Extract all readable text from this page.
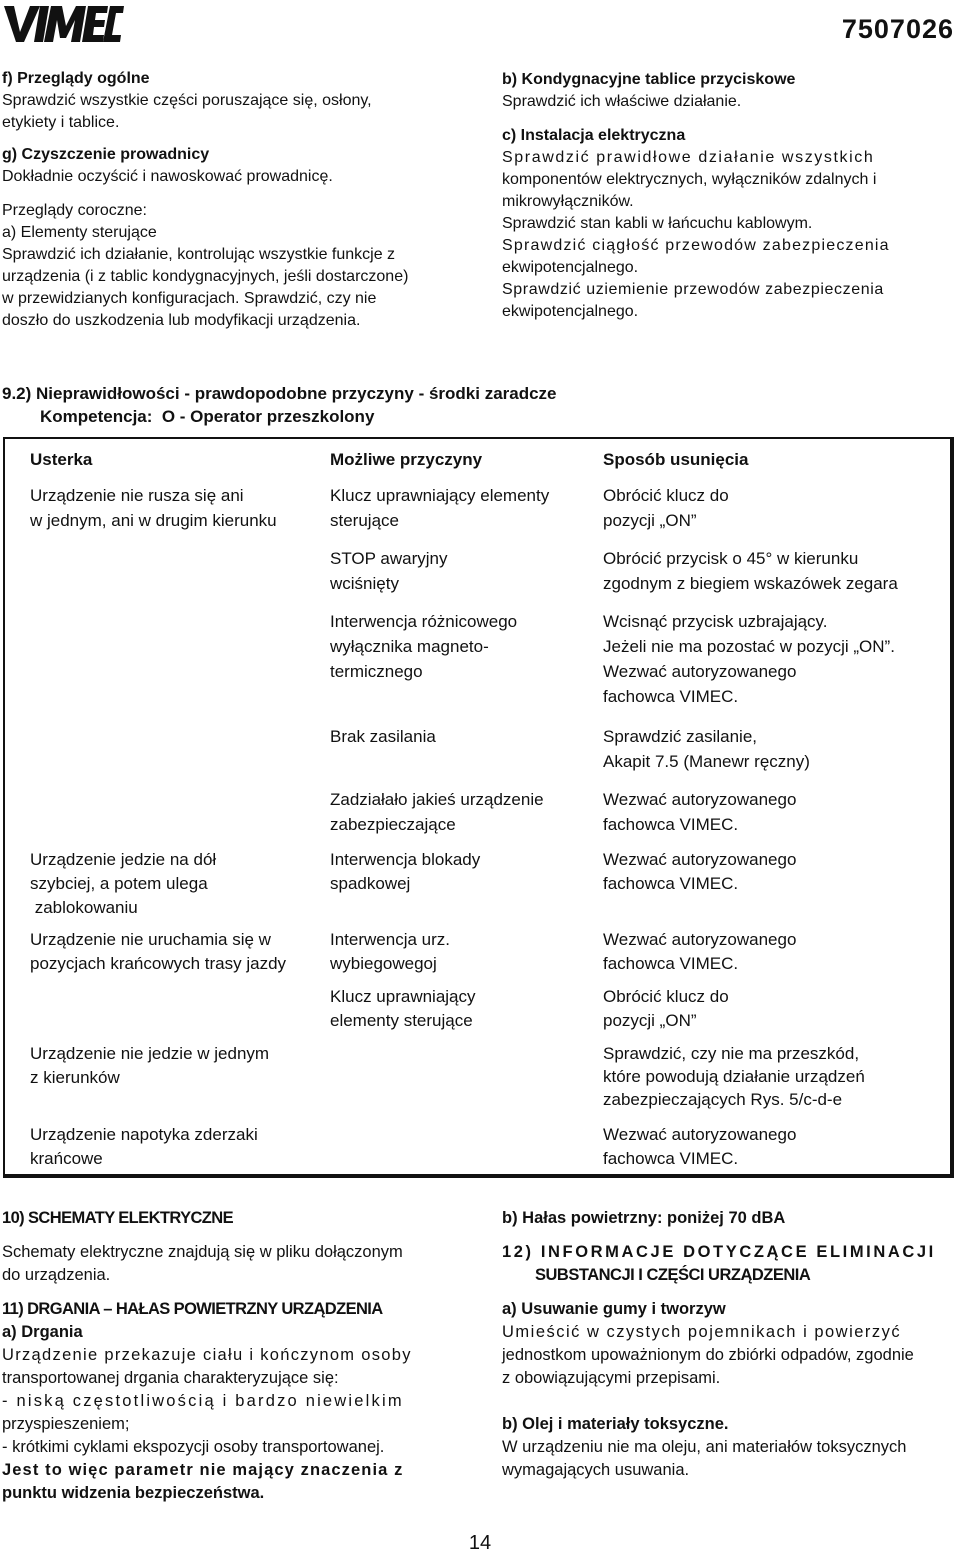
7507026

f) Przeglądy ogólne

Sprawdzić wszystkie części poruszające się, osłony,

etykiety i tablice.

g) Czyszczenie prowadnicy

Dokładnie oczyścić i nawoskować prowadnicę.

Przeglądy coroczne:

a) Elementy sterujące

Sprawdzić ich działanie, kontrolując wszystkie funkcje z

urządzenia (i z tablic kondygnacyjnych, jeśli dostarczone)

w przewidzianych konfiguracjach. Sprawdzić, czy nie

doszło do uszkodzenia lub modyfikacji urządzenia.

b) Kondygnacyjne tablice przyciskowe

Sprawdzić ich właściwe działanie.

c) Instalacja elektryczna

Sprawdzić prawidłowe działanie wszystkich

komponentów elektrycznych, wyłączników zdalnych i

mikrowyłączników.

Sprawdzić stan kabli w łańcuchu kablowym.

Sprawdzić ciągłość przewodów zabezpieczenia

ekwipotencjalnego.

Sprawdzić uziemienie przewodów zabezpieczenia

ekwipotencjalnego.

9.2) Nieprawidłowości - prawdopodobne przyczyny - środki zaradcze
Kompetencja:  O - Operator przeszkolony
Usterka	Możliwe przyczyny	Sposób usunięcia
Urządzenie nie rusza się ani
w jednym, ani w drugim kierunku
Urządzenie jedzie na dół
szybciej, a potem ulega
zablokowaniu
Urządzenie nie uruchamia się w
pozycjach krańcowych trasy jazdy
Urządzenie nie jedzie w jednym
z kierunków
Urządzenie napotyka zderzaki
krańcowe
Klucz uprawniający elementy
sterujące
STOP awaryjny
wciśnięty
Interwencja różnicowego
wyłącznika magneto-
termicznego
Brak zasilania
Zadziałało jakieś urządzenie
zabezpieczające
Interwencja blokady
spadkowej
Interwencja urz.
wybiegowegoj
Klucz uprawniający
elementy sterujące
Obrócić klucz do
pozycji „ON”
Obrócić przycisk o 45° w kierunku
zgodnym z biegiem wskazówek zegara
Wcisnąć przycisk uzbrajający.
Jeżeli nie ma pozostać w pozycji „ON”.
Wezwać autoryzowanego
fachowca VIMEC.
Sprawdzić zasilanie,
Akapit 7.5 (Manewr ręczny)
Wezwać autoryzowanego
fachowca VIMEC.
Wezwać autoryzowanego
fachowca VIMEC.
Wezwać autoryzowanego
fachowca VIMEC.
Obrócić klucz do
pozycji „ON”
Sprawdzić, czy nie ma przeszkód,
które powodują działanie urządzeń
zabezpieczających Rys. 5/c-d-e
Wezwać autoryzowanego
fachowca VIMEC.

10) SCHEMATY ELEKTRYCZNE

Schematy elektryczne znajdują się w pliku dołączonym

do urządzenia.

11) DRGANIA – HAŁAS POWIETRZNY URZĄDZENIA

a) Drgania

Urządzenie przekazuje ciału i kończynom osoby

transportowanej drgania charakteryzujące się:

- niską częstotliwością i bardzo niewielkim

przyspieszeniem;

- krótkimi cyklami ekspozycji osoby transportowanej.

Jest to więc parametr nie mający znaczenia z

punktu widzenia bezpieczeństwa.

b) Hałas powietrzny: poniżej 70 dBA

12) INFORMACJE DOTYCZĄCE ELIMINACJI

SUBSTANCJI I CZĘŚCI URZĄDZENIA

a) Usuwanie gumy i tworzyw

Umieścić w czystych pojemnikach i powierzyć

jednostkom upoważnionym do zbiórki odpadów, zgodnie

z obowiązującymi przepisami.

b) Olej i materiały toksyczne.

W urządzeniu nie ma oleju, ani materiałów toksycznych

wymagających usuwania.

14
